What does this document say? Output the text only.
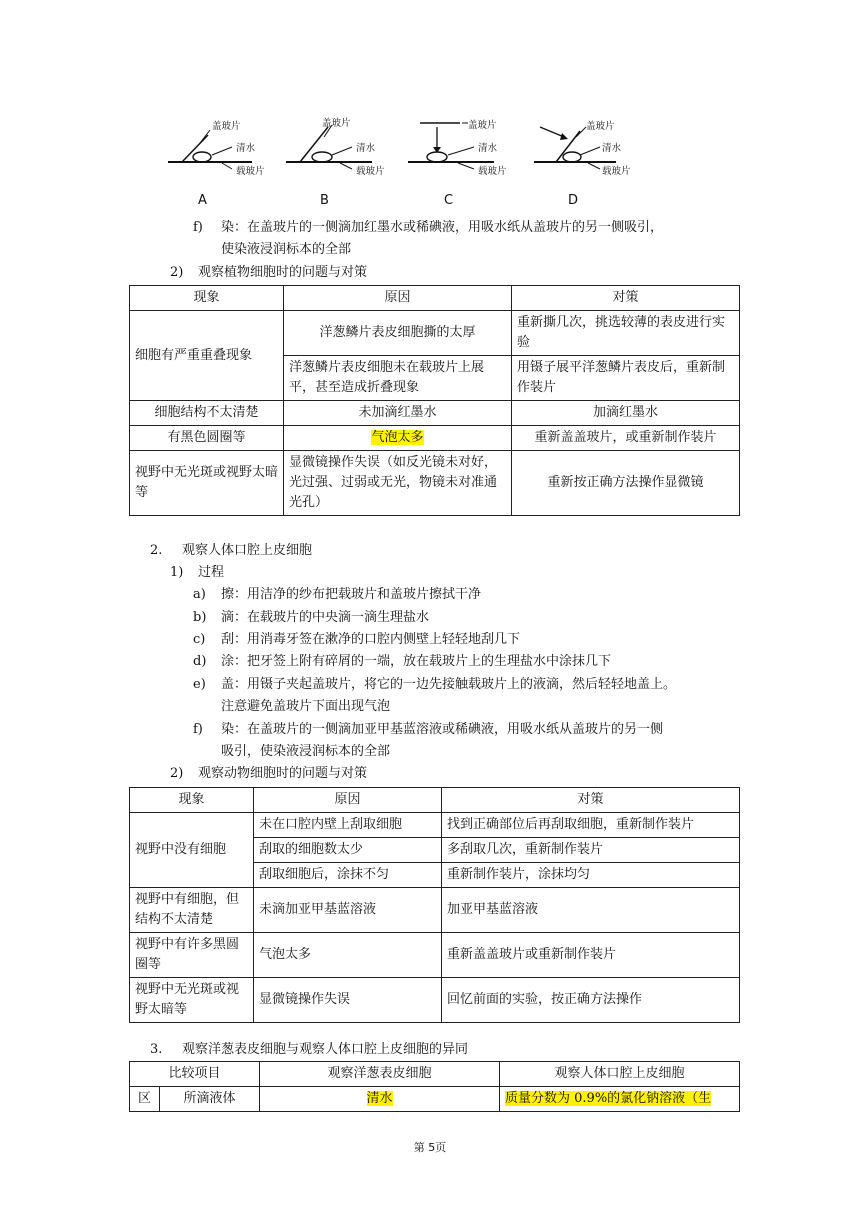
盖玻片
清水
载玻片
A
盖玻片
清水
载玻片
B
盖玻片
清水
载玻片
C
盖玻片
清水
载玻片
D
f) 染：在盖玻片的一侧滴加红墨水或稀碘液，用吸水纸从盖玻片的另一侧吸引，
使染液浸润标本的全部
2) 观察植物细胞时的问题与对策
现象	原因	对策
细胞有严重重叠现象	洋葱鳞片表皮细胞撕的太厚	重新撕几次，挑选较薄的表皮进行实验
	洋葱鳞片表皮细胞未在载玻片上展平，甚至造成折叠现象	用镊子展平洋葱鳞片表皮后，重新制作装片
细胞结构不太清楚	未加滴红墨水	加滴红墨水
有黑色圆圈等	气泡太多	重新盖盖玻片，或重新制作装片
视野中无光斑或视野太暗等	显微镜操作失误（如反光镜未对好，光过强、过弱或无光，物镜未对准通光孔）	重新按正确方法操作显微镜
2. 观察人体口腔上皮细胞
1) 过程
a) 擦：用洁净的纱布把载玻片和盖玻片擦拭干净
b) 滴：在载玻片的中央滴一滴生理盐水
c) 刮：用消毒牙签在漱净的口腔内侧壁上轻轻地刮几下
d) 涂：把牙签上附有碎屑的一端，放在载玻片上的生理盐水中涂抹几下
e) 盖：用镊子夹起盖玻片，将它的一边先接触载玻片上的液滴，然后轻轻地盖上。
注意避免盖玻片下面出现气泡
f) 染：在盖玻片的一侧滴加亚甲基蓝溶液或稀碘液，用吸水纸从盖玻片的另一侧
吸引，使染液浸润标本的全部
2) 观察动物细胞时的问题与对策
现象	原因	对策
视野中没有细胞	未在口腔内壁上刮取细胞	找到正确部位后再刮取细胞，重新制作装片
	刮取的细胞数太少	多刮取几次，重新制作装片
	刮取细胞后，涂抹不匀	重新制作装片，涂抹均匀
视野中有细胞，但结构不太清楚	未滴加亚甲基蓝溶液	加亚甲基蓝溶液
视野中有许多黑圆圈等	气泡太多	重新盖盖玻片或重新制作装片
视野中无光斑或视野太暗等	显微镜操作失误	回忆前面的实验，按正确方法操作
3. 观察洋葱表皮细胞与观察人体口腔上皮细胞的异同
比较项目		观察洋葱表皮细胞	观察人体口腔上皮细胞
区	所滴液体	清水	质量分数为 0.9%的氯化钠溶液（生
第 5页
